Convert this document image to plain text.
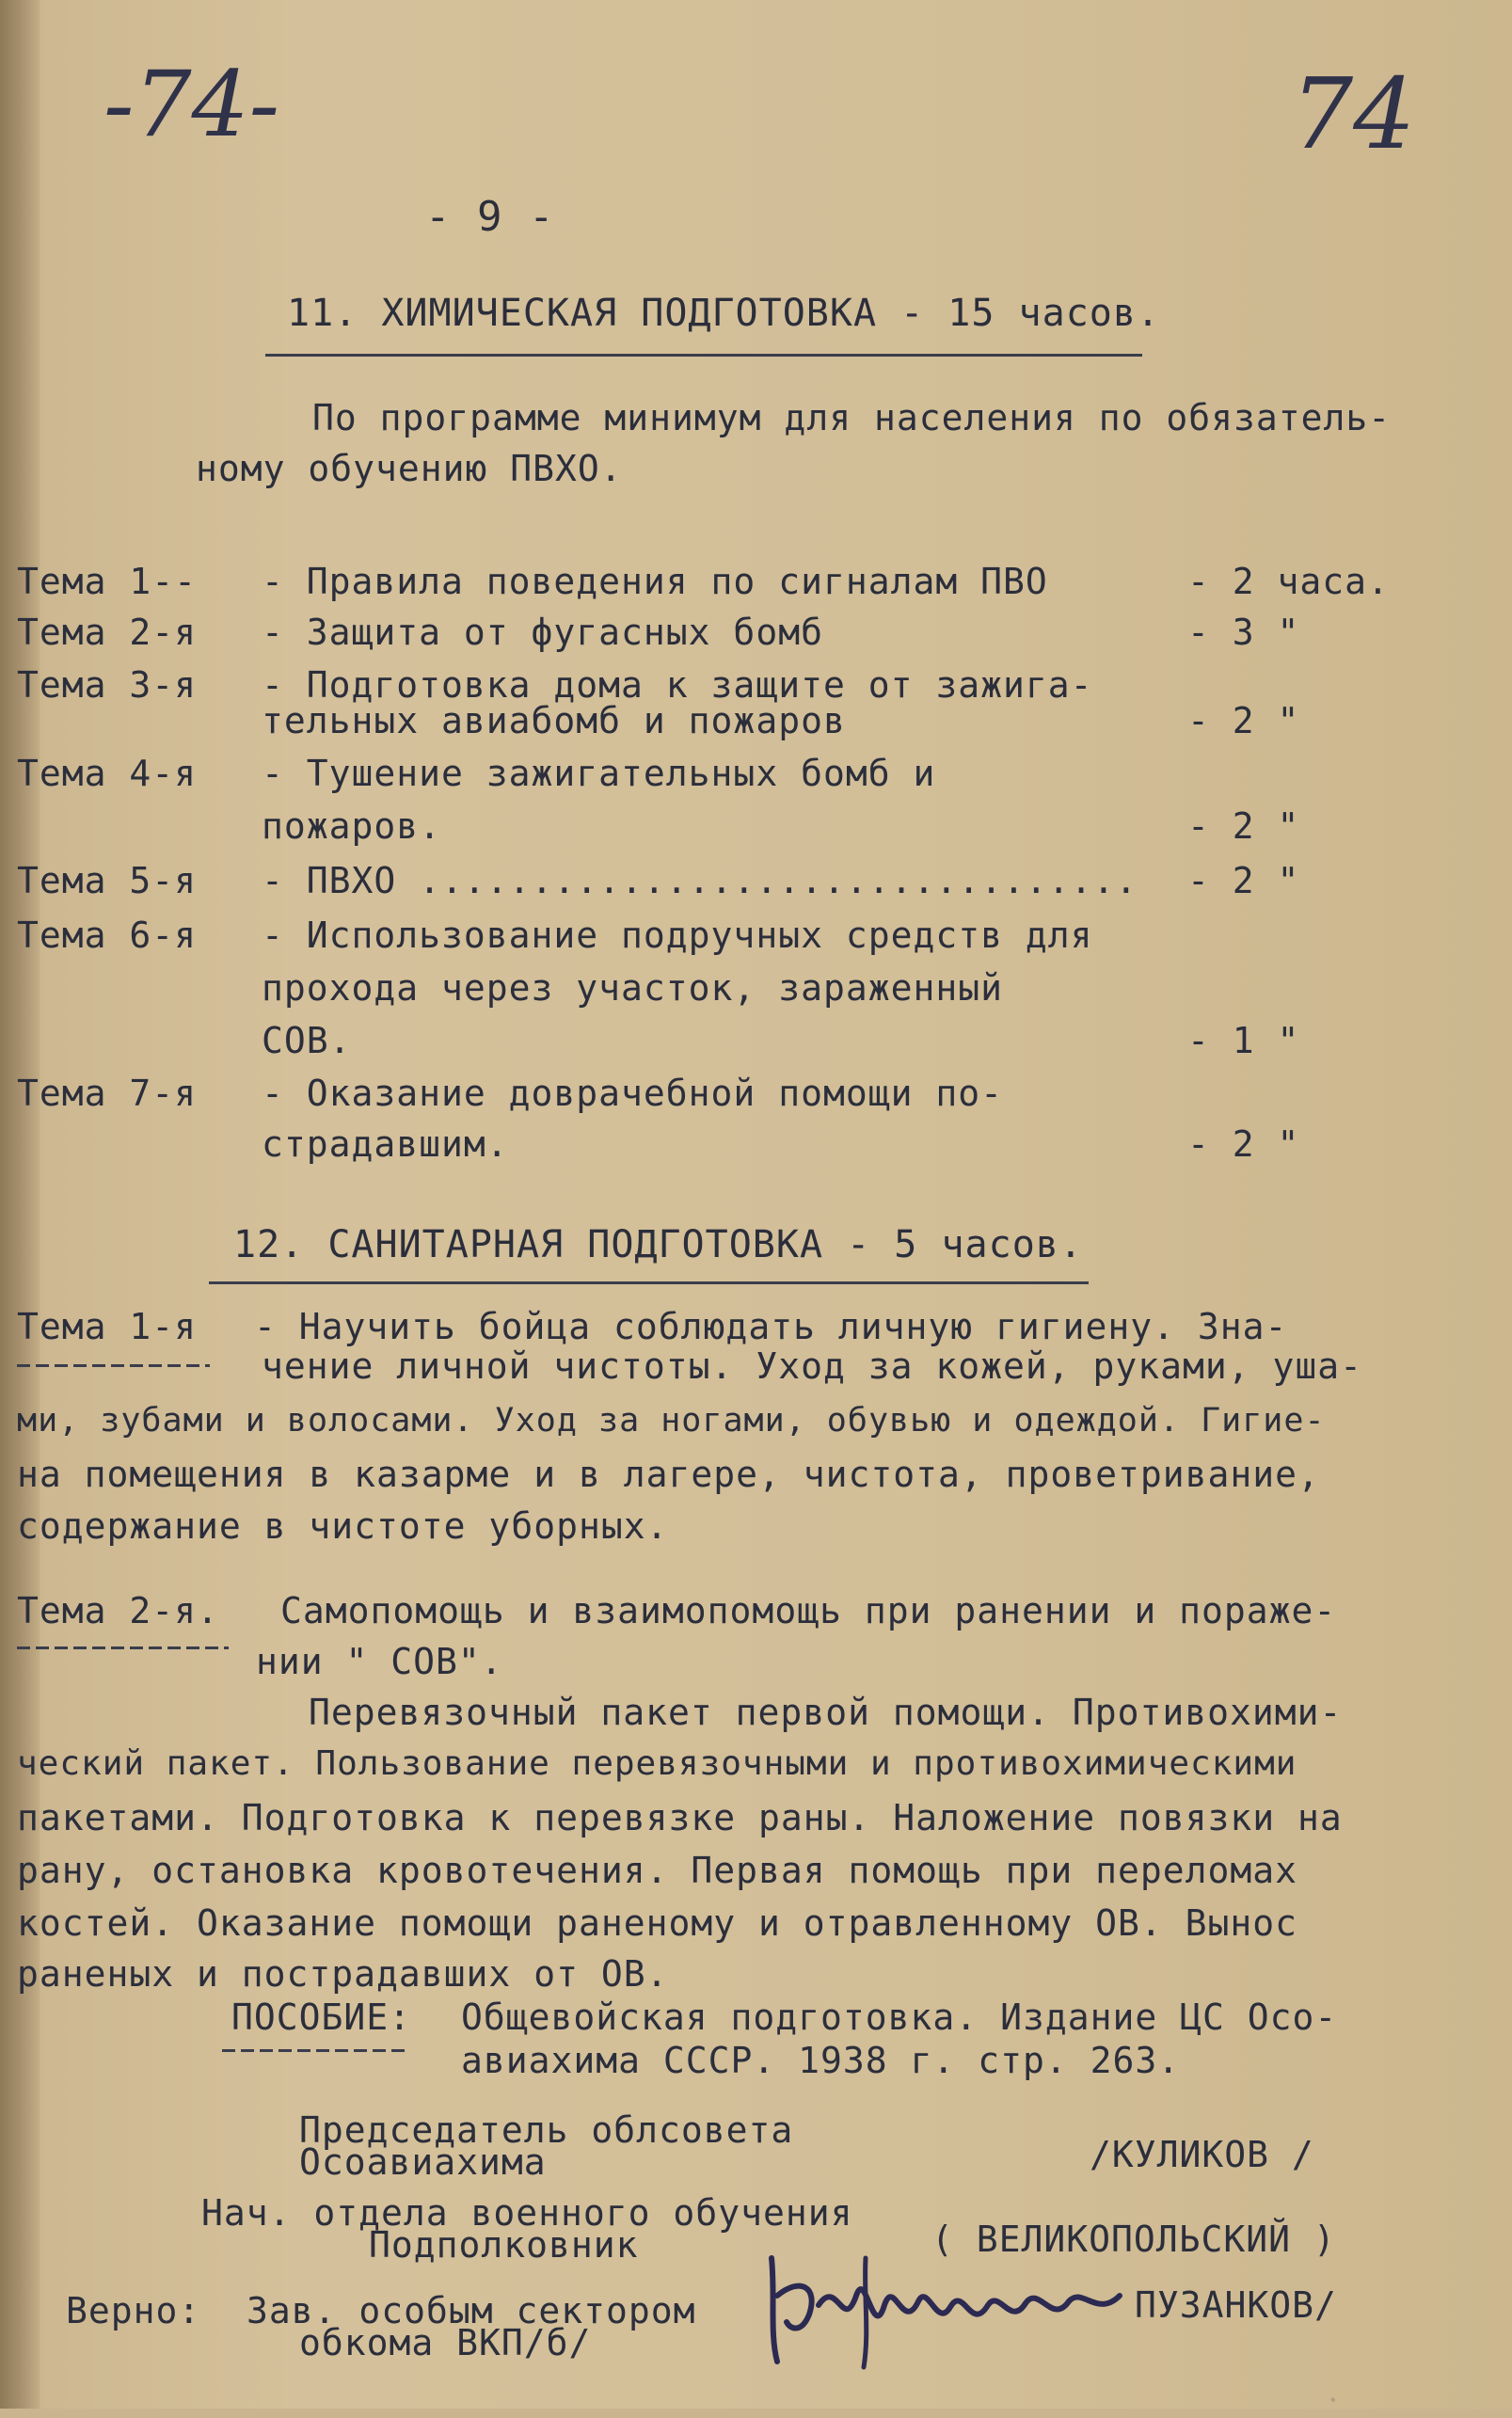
-74-	74
- 9 -
11. ХИМИЧЕСКАЯ ПОДГОТОВКА - 15 часов.
По программе минимум для населения по обязатель-
ному обучению ПВХО.
Тема 1-- - Правила поведения по сигналам ПВО	- 2 часа.
Тема 2-я - Защита от фугасных бомб	- 3 "
Тема 3-я - Подготовка дома к защите от зажига-
тельных авиабомб и пожаров	- 2 "
Тема 4-я - Тушение зажигательных бомб и
пожаров.	- 2 "
Тема 5-я - ПВХО ................................ - 2 "
Тема 6-я - Использование подручных средств для
прохода через участок, зараженный
СОВ.	- 1 "
Тема 7-я - Оказание доврачебной помощи по-
страдавшим.	- 2 "
12. САНИТАРНАЯ ПОДГОТОВКА - 5 часов.
Тема 1-я - Научить бойца соблюдать личную гигиену. Зна-
чение личной чистоты. Уход за кожей, руками, уша-
ми, зубами и волосами. Уход за ногами, обувью и одеждой. Гигие-
на помещения в казарме и в лагере, чистота, проветривание,
содержание в чистоте уборных.
Тема 2-я. Самопомощь и взаимопомощь при ранении и пораже-
нии " СОВ".
Перевязочный пакет первой помощи. Противохими-
ческий пакет. Пользование перевязочными и противохимическими
пакетами. Подготовка к перевязке раны. Наложение повязки на
рану, остановка кровотечения. Первая помощь при переломах
костей. Оказание помощи раненому и отравленному ОВ. Вынос
раненых и пострадавших от ОВ.
ПОСОБИЕ: Общевойская подготовка. Издание ЦС Осо-
авиахима СССР. 1938 г. стр. 263.
Председатель облсовета
Осоавиахима	/КУЛИКОВ /
Нач. отдела военного обучения
Подполковник	( ВЕЛИКОПОЛЬСКИЙ )
Верно: Зав. особым сектором
обкома ВКП/б/
ПУЗАНКОВ/
·
